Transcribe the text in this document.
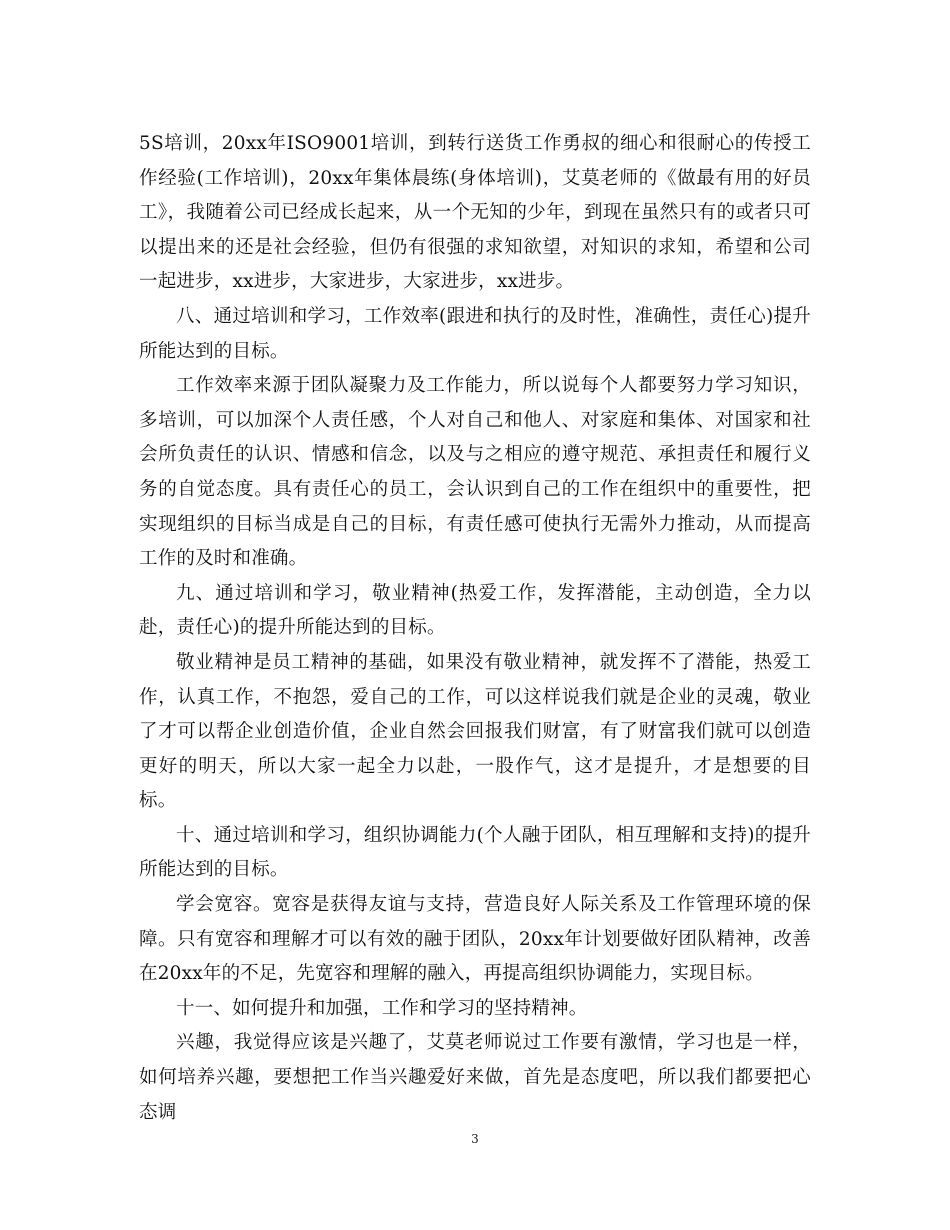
5S培训，20xx年ISO9001培训，到转行送货工作勇叔的细心和很耐心的传授工作经验(工作培训)，20xx年集体晨练(身体培训)，艾莫老师的《做最有用的好员工》，我随着公司已经成长起来，从一个无知的少年，到现在虽然只有的或者只可以提出来的还是社会经验，但仍有很强的求知欲望，对知识的求知，希望和公司一起进步，xx进步，大家进步，大家进步，xx进步。

八、通过培训和学习，工作效率(跟进和执行的及时性，准确性，责任心)提升所能达到的目标。

工作效率来源于团队凝聚力及工作能力，所以说每个人都要努力学习知识，多培训，可以加深个人责任感，个人对自己和他人、对家庭和集体、对国家和社会所负责任的认识、情感和信念，以及与之相应的遵守规范、承担责任和履行义务的自觉态度。具有责任心的员工，会认识到自己的工作在组织中的重要性，把实现组织的目标当成是自己的目标，有责任感可使执行无需外力推动，从而提高工作的及时和准确。

九、通过培训和学习，敬业精神(热爱工作，发挥潜能，主动创造，全力以赴，责任心)的提升所能达到的目标。

敬业精神是员工精神的基础，如果没有敬业精神，就发挥不了潜能，热爱工作，认真工作，不抱怨，爱自己的工作，可以这样说我们就是企业的灵魂，敬业了才可以帮企业创造价值，企业自然会回报我们财富，有了财富我们就可以创造更好的明天，所以大家一起全力以赴，一股作气，这才是提升，才是想要的目标。

十、通过培训和学习，组织协调能力(个人融于团队，相互理解和支持)的提升所能达到的目标。

学会宽容。宽容是获得友谊与支持，营造良好人际关系及工作管理环境的保障。只有宽容和理解才可以有效的融于团队，20xx年计划要做好团队精神，改善在20xx年的不足，先宽容和理解的融入，再提高组织协调能力，实现目标。

十一、如何提升和加强，工作和学习的坚持精神。

兴趣，我觉得应该是兴趣了，艾莫老师说过工作要有激情，学习也是一样，如何培养兴趣，要想把工作当兴趣爱好来做，首先是态度吧，所以我们都要把心态调

3
